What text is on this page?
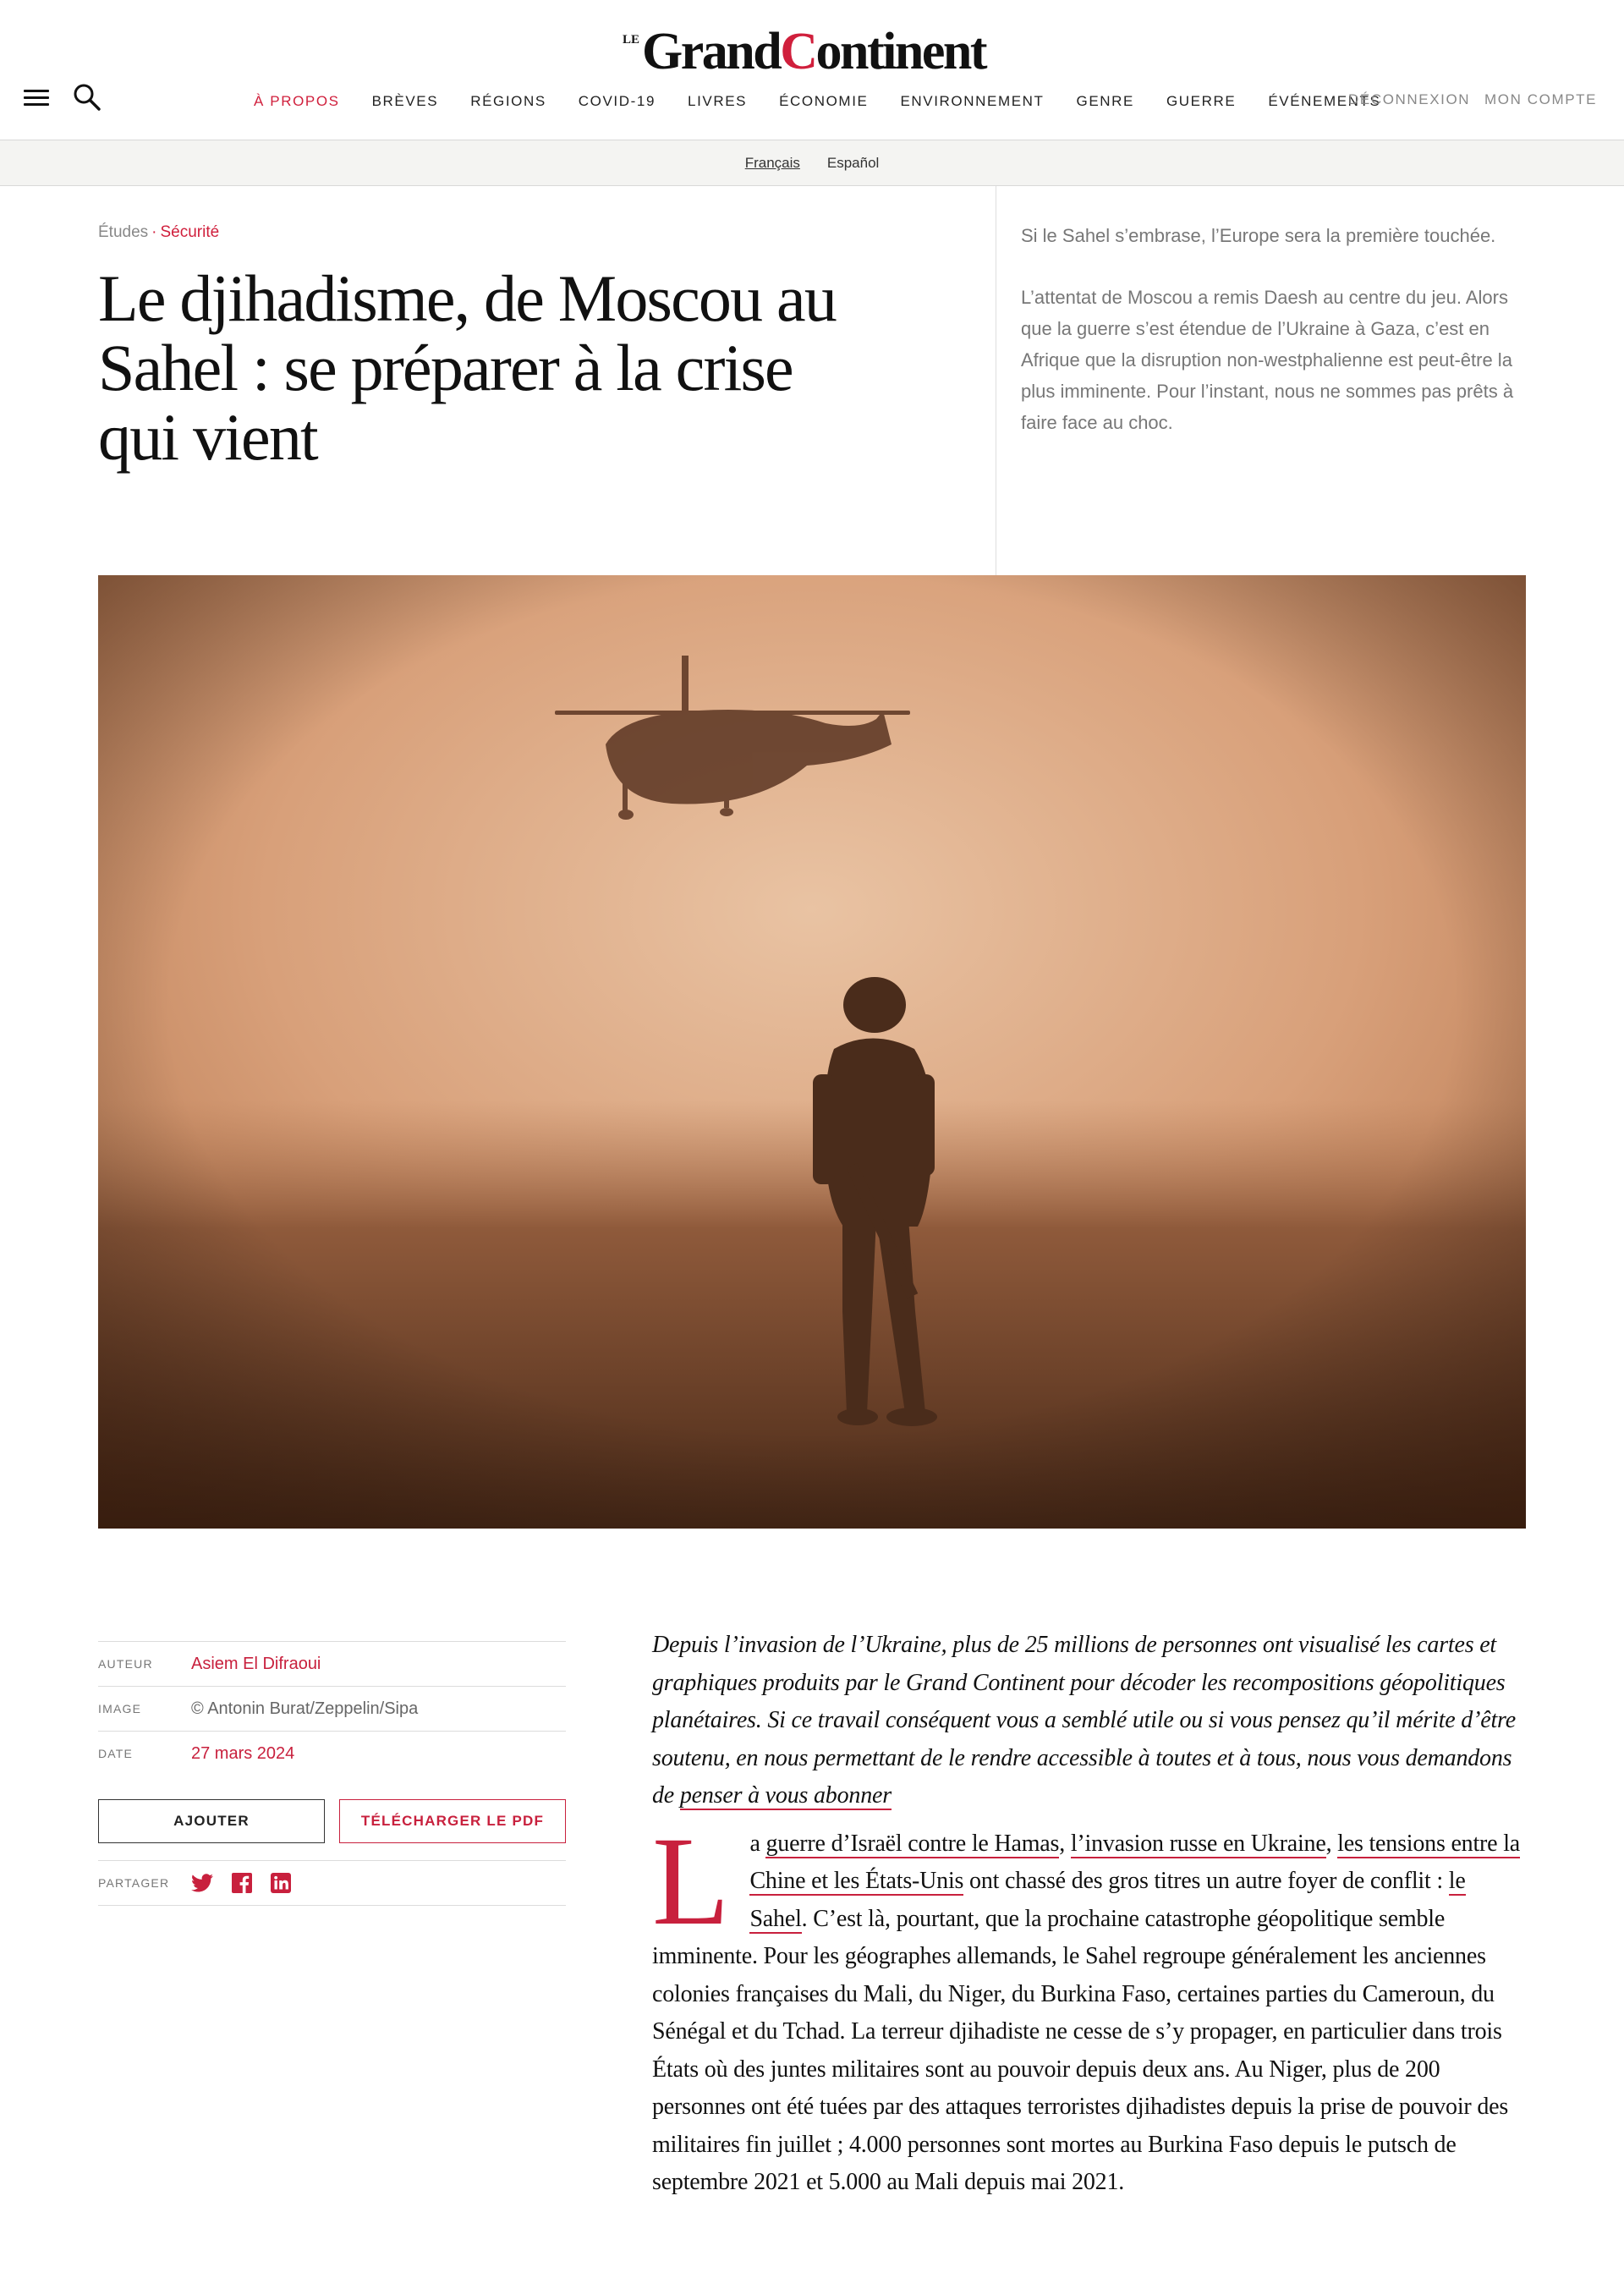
LE GrandContinent
À PROPOS BRÈVES RÉGIONS COVID-19 LIVRES ÉCONOMIE ENVIRONNEMENT GENRE GUERRE ÉVÉNEMENTS
DÉCONNEXION MON COMPTE
Français Español
Études · Sécurité
Le djihadisme, de Moscou au Sahel : se préparer à la crise qui vient

Si le Sahel s’embrase, l’Europe sera la première touchée.

L’attentat de Moscou a remis Daesh au centre du jeu. Alors que la guerre s’est étendue de l’Ukraine à Gaza, c’est en Afrique que la disruption non-westphalienne est peut-être la plus imminente. Pour l’instant, nous ne sommes pas prêts à faire face au choc.

AUTEUR	Asiem El Difraoui
IMAGE	© Antonin Burat/Zeppelin/Sipa
DATE	27 mars 2024
AJOUTER	TÉLÉCHARGER LE PDF
PARTAGER

Depuis l’invasion de l’Ukraine, plus de 25 millions de personnes ont visualisé les cartes et graphiques produits par le Grand Continent pour décoder les recompositions géopolitiques planétaires. Si ce travail conséquent vous a semblé utile ou si vous pensez qu’il mérite d’être soutenu, en nous permettant de le rendre accessible à toutes et à tous, nous vous demandons de penser à vous abonner

La guerre d’Israël contre le Hamas, l’invasion russe en Ukraine, les tensions entre la Chine et les États-Unis ont chassé des gros titres un autre foyer de conflit : le Sahel. C’est là, pourtant, que la prochaine catastrophe géopolitique semble imminente. Pour les géographes allemands, le Sahel regroupe généralement les anciennes colonies françaises du Mali, du Niger, du Burkina Faso, certaines parties du Cameroun, du Sénégal et du Tchad. La terreur djihadiste ne cesse de s’y propager, en particulier dans trois États où des juntes militaires sont au pouvoir depuis deux ans. Au Niger, plus de 200 personnes ont été tuées par des attaques terroristes djihadistes depuis la prise de pouvoir des militaires fin juillet ; 4.000 personnes sont mortes au Burkina Faso depuis le putsch de septembre 2021 et 5.000 au Mali depuis mai 2021.
